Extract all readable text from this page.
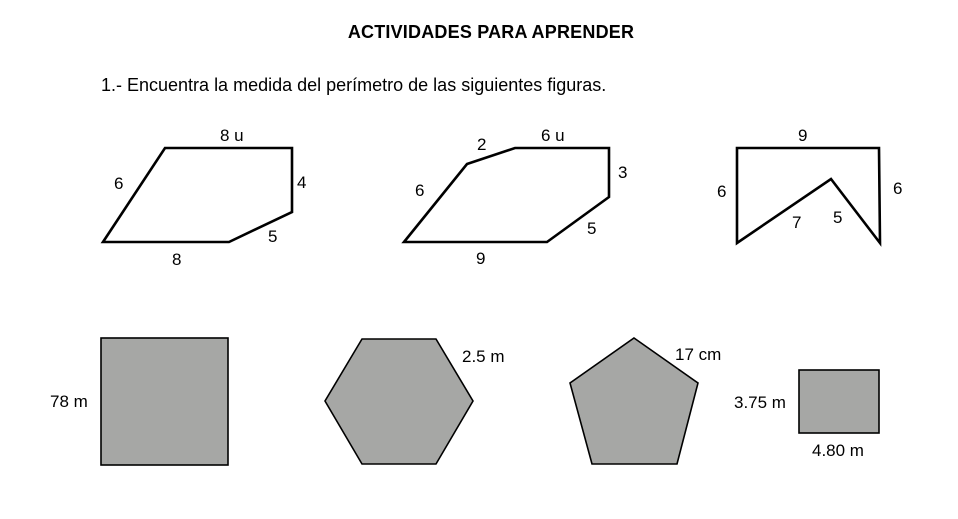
ACTIVIDADES PARA APRENDER
1.- Encuentra la medida del perímetro de las siguientes figuras.
8 u
6	4
5
8
2	6 u
6
3
5
9
9
6	6
7 5
78 m
2.5 m	17 cm
3.75 m
4.80 m
